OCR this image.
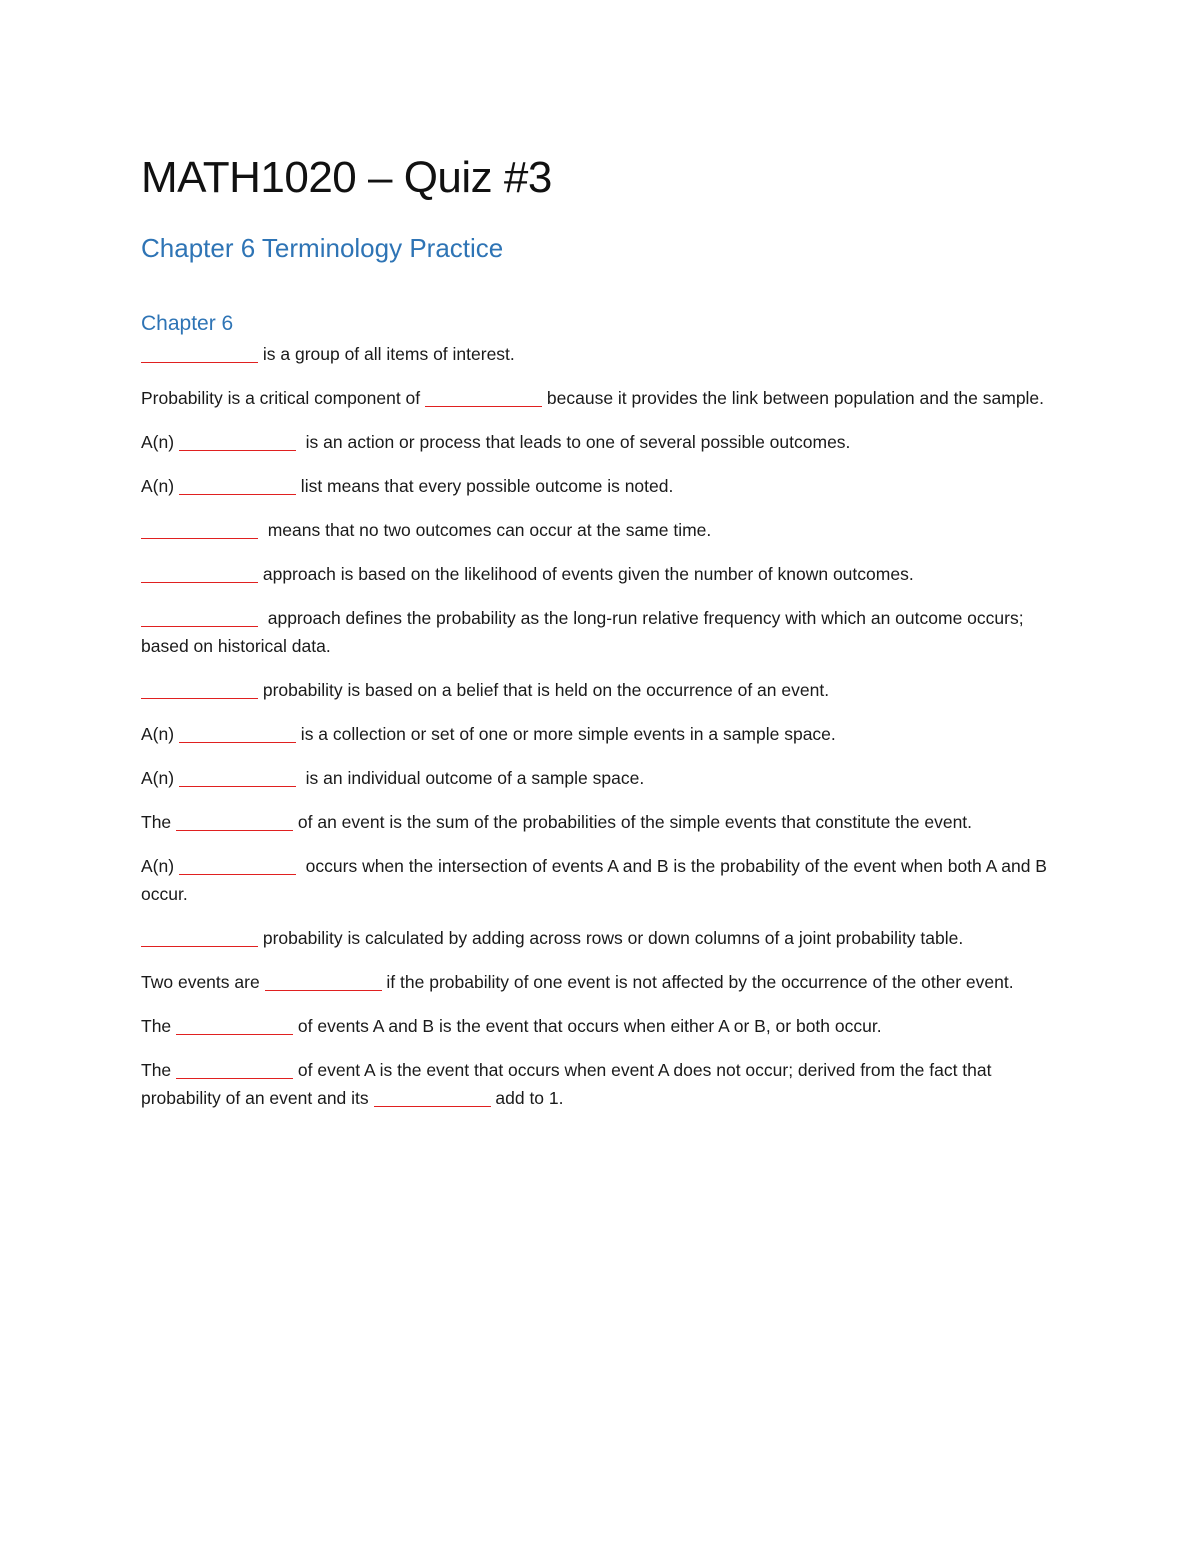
MATH1020 – Quiz #3
Chapter 6 Terminology Practice
Chapter 6

is a group of all items of interest.

Probability is a critical component of	because it provides the link between population and the sample.

A(n)	is an action or process that leads to one of several possible outcomes.

A(n)	list means that every possible outcome is noted.

means that no two outcomes can occur at the same time.

approach is based on the likelihood of events given the number of known outcomes.

approach defines the probability as the long-run relative frequency with which an outcome occurs; based on historical data.

probability is based on a belief that is held on the occurrence of an event.

A(n)	is a collection or set of one or more simple events in a sample space.

A(n)	is an individual outcome of a sample space.

The	of an event is the sum of the probabilities of the simple events that constitute the event.

A(n)	occurs when the intersection of events A and B is the probability of the event when both A and B occur.

probability is calculated by adding across rows or down columns of a joint probability table.

Two events are	if the probability of one event is not affected by the occurrence of the other event.

The	of events A and B is the event that occurs when either A or B, or both occur.

The	of event A is the event that occurs when event A does not occur; derived from the fact that probability of an event and its	add to 1.
